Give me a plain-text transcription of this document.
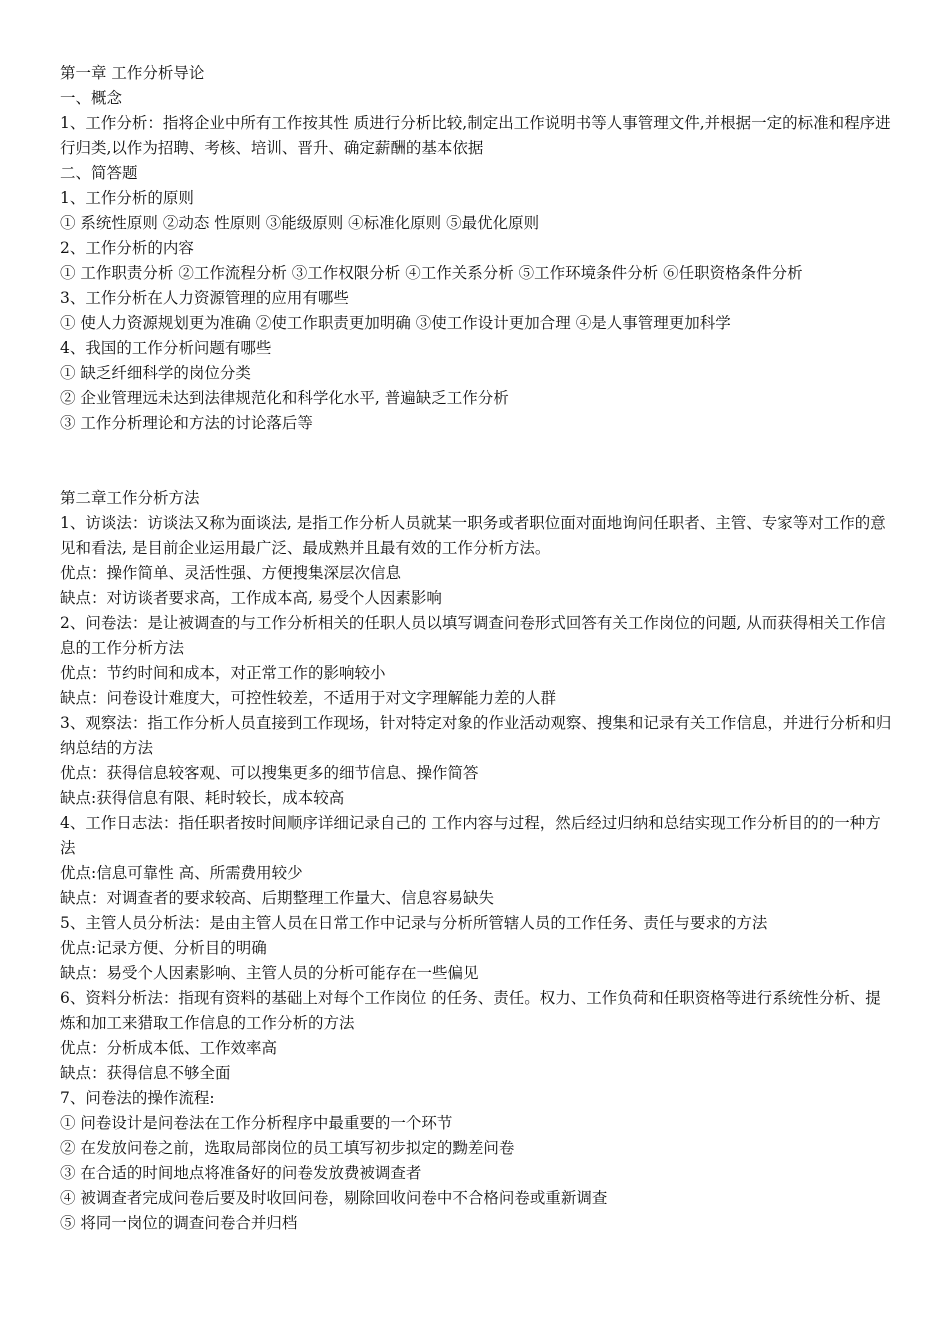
第一章 工作分析导论
一、概念
1、工作分析：指将企业中所有工作按其性 质进行分析比较,制定出工作说明书等人事管理文件,并根据一定的标准和程序进行归类,以作为招聘、考核、培训、晋升、确定薪酬的基本依据
二、简答题
1、工作分析的原则
① 系统性原则 ②动态 性原则 ③能级原则 ④标准化原则 ⑤最优化原则
2、工作分析的内容
① 工作职责分析 ②工作流程分析 ③工作权限分析 ④工作关系分析 ⑤工作环境条件分析 ⑥任职资格条件分析
3、工作分析在人力资源管理的应用有哪些
① 使人力资源规划更为准确 ②使工作职责更加明确 ③使工作设计更加合理 ④是人事管理更加科学
4、我国的工作分析问题有哪些
① 缺乏纤细科学的岗位分类
② 企业管理远未达到法律规范化和科学化水平, 普遍缺乏工作分析
③ 工作分析理论和方法的讨论落后等
第二章工作分析方法
1、访谈法：访谈法又称为面谈法, 是指工作分析人员就某一职务或者职位面对面地询问任职者、主管、专家等对工作的意见和看法, 是目前企业运用最广泛、最成熟并且最有效的工作分析方法。
优点：操作简单、灵活性强、方便搜集深层次信息
缺点：对访谈者要求高，工作成本高, 易受个人因素影响
2、问卷法：是让被调查的与工作分析相关的任职人员以填写调查问卷形式回答有关工作岗位的问题, 从而获得相关工作信息的工作分析方法
优点：节约时间和成本，对正常工作的影响较小
缺点：问卷设计难度大，可控性较差，不适用于对文字理解能力差的人群
3、观察法：指工作分析人员直接到工作现场，针对特定对象的作业活动观察、搜集和记录有关工作信息，并进行分析和归纳总结的方法
优点：获得信息较客观、可以搜集更多的细节信息、操作简答
缺点:获得信息有限、耗时较长，成本较高
4、工作日志法：指任职者按时间顺序详细记录自己的 工作内容与过程，然后经过归纳和总结实现工作分析目的的一种方法
优点:信息可靠性 高、所需费用较少
缺点：对调查者的要求较高、后期整理工作量大、信息容易缺失
5、主管人员分析法：是由主管人员在日常工作中记录与分析所管辖人员的工作任务、责任与要求的方法
优点:记录方便、分析目的明确
缺点：易受个人因素影响、主管人员的分析可能存在一些偏见
6、资料分析法：指现有资料的基础上对每个工作岗位 的任务、责任。权力、工作负荷和任职资格等进行系统性分析、提炼和加工来猎取工作信息的工作分析的方法
优点：分析成本低、工作效率高
缺点：获得信息不够全面
7、问卷法的操作流程:
① 问卷设计是问卷法在工作分析程序中最重要的一个环节
② 在发放问卷之前，选取局部岗位的员工填写初步拟定的黝差问卷
③ 在合适的时间地点将准备好的问卷发放费被调查者
④ 被调查者完成问卷后要及时收回问卷，剔除回收问卷中不合格问卷或重新调查
⑤ 将同一岗位的调查问卷合并归档
